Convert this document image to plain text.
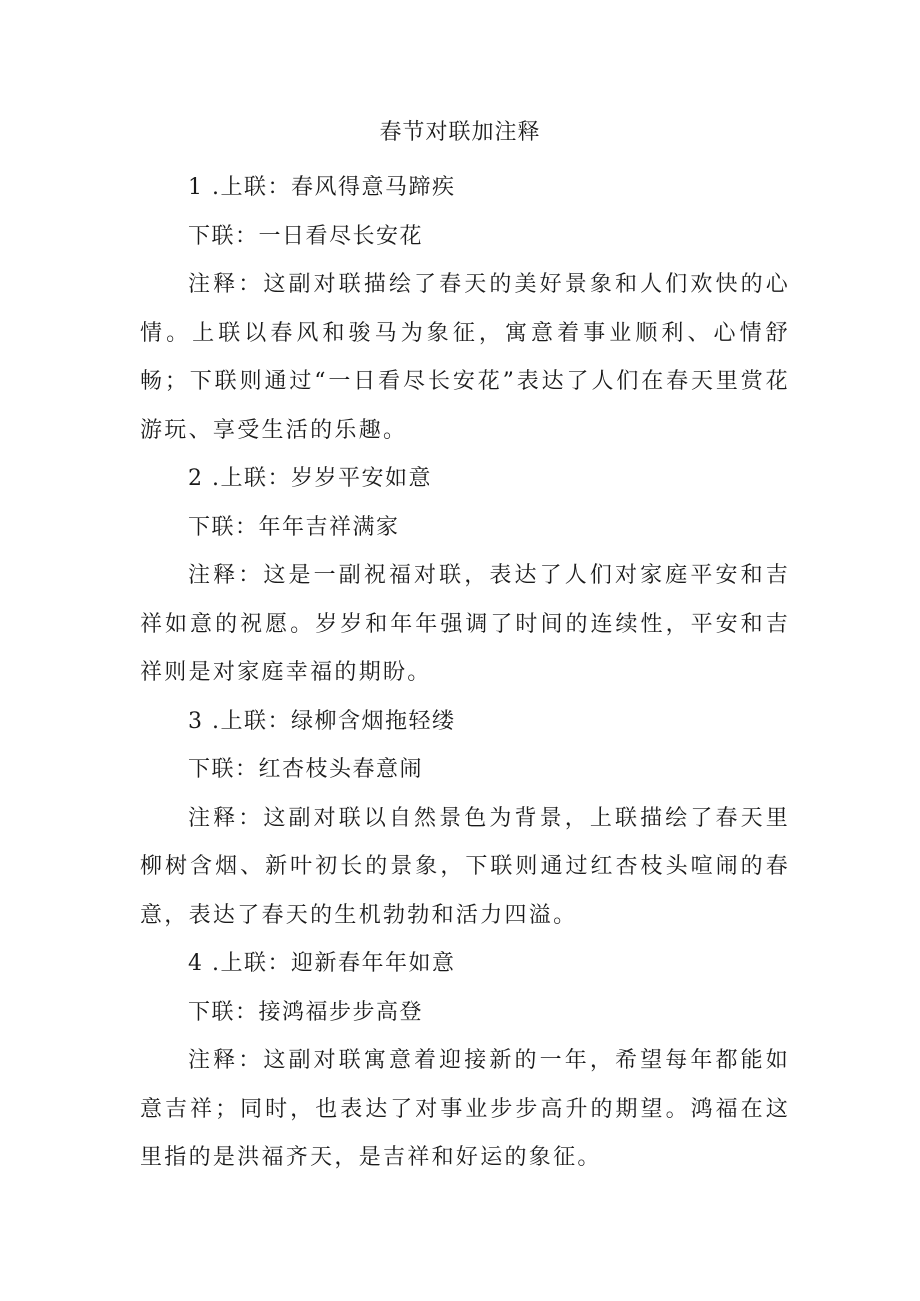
春节对联加注释
1 .上联：春风得意马蹄疾
下联：一日看尽长安花
注释：这副对联描绘了春天的美好景象和人们欢快的心情。上联以春风和骏马为象征，寓意着事业顺利、心情舒畅；下联则通过“一日看尽长安花”表达了人们在春天里赏花游玩、享受生活的乐趣。
2 .上联：岁岁平安如意
下联：年年吉祥满家
注释：这是一副祝福对联，表达了人们对家庭平安和吉祥如意的祝愿。岁岁和年年强调了时间的连续性，平安和吉祥则是对家庭幸福的期盼。
3 .上联：绿柳含烟拖轻缕
下联：红杏枝头春意闹
注释：这副对联以自然景色为背景，上联描绘了春天里柳树含烟、新叶初长的景象，下联则通过红杏枝头喧闹的春意，表达了春天的生机勃勃和活力四溢。
4 .上联：迎新春年年如意
下联：接鸿福步步高登
注释：这副对联寓意着迎接新的一年，希望每年都能如意吉祥；同时，也表达了对事业步步高升的期望。鸿福在这里指的是洪福齐天，是吉祥和好运的象征。
